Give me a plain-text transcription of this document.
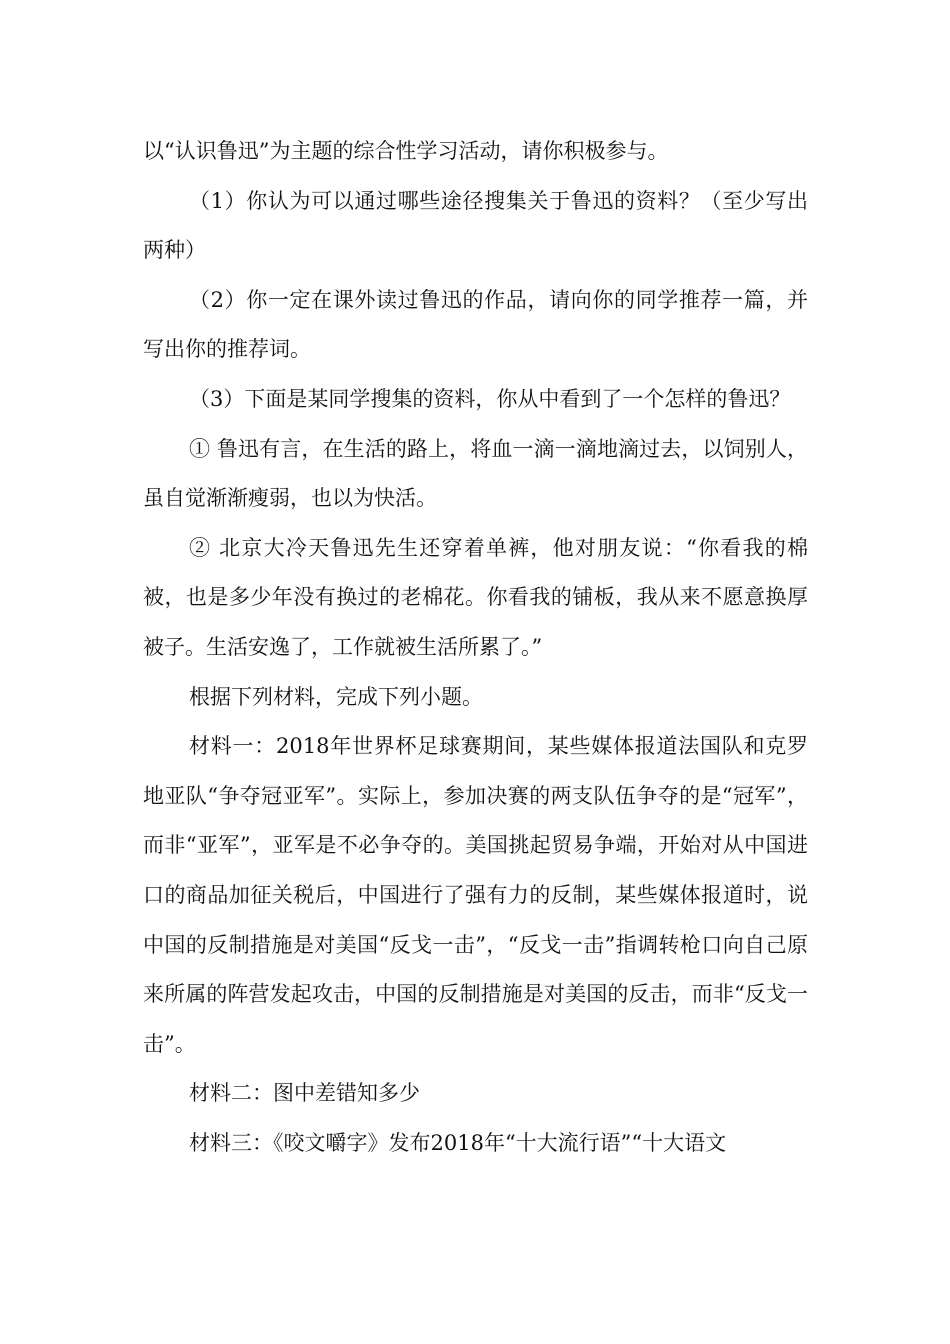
以“认识鲁迅”为主题的综合性学习活动，请你积极参与。

（1）你认为可以通过哪些途径搜集关于鲁迅的资料？（至少写出两种）

（2）你一定在课外读过鲁迅的作品，请向你的同学推荐一篇，并写出你的推荐词。

（3）下面是某同学搜集的资料，你从中看到了一个怎样的鲁迅？

① 鲁迅有言，在生活的路上，将血一滴一滴地滴过去，以饲别人，虽自觉渐渐瘦弱，也以为快活。

② 北京大冷天鲁迅先生还穿着单裤，他对朋友说：“你看我的棉被，也是多少年没有换过的老棉花。你看我的铺板，我从来不愿意换厚被子。生活安逸了，工作就被生活所累了。”

根据下列材料，完成下列小题。

材料一：2018年世界杯足球赛期间，某些媒体报道法国队和克罗地亚队“争夺冠亚军”。实际上，参加决赛的两支队伍争夺的是“冠军”，而非“亚军”，亚军是不必争夺的。美国挑起贸易争端，开始对从中国进口的商品加征关税后，中国进行了强有力的反制，某些媒体报道时，说中国的反制措施是对美国“反戈一击”，“反戈一击”指调转枪口向自己原来所属的阵营发起攻击，中国的反制措施是对美国的反击，而非“反戈一击”。

材料二：图中差错知多少

材料三：《咬文嚼字》发布2018年“十大流行语”“十大语文
